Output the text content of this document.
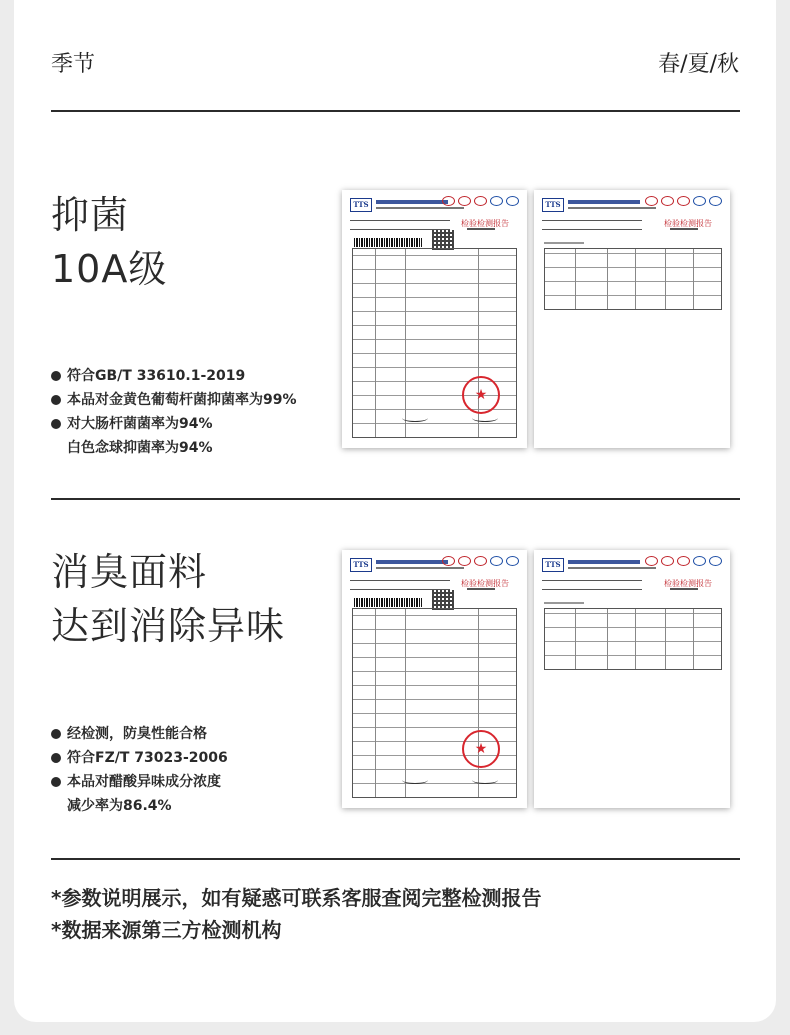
季节	春/夏/秋
抑菌
10A级
符合GB/T 33610.1-2019
本品对金黄色葡萄杆菌抑菌率为99%
对大肠杆菌菌率为94%
白色念球抑菌率为94%
TTS
检验检测报告
★
TTS
检验检测报告
消臭面料
达到消除异味
经检测，防臭性能合格
符合FZ/T 73023-2006
本品对醋酸异味成分浓度
减少率为86.4%
TTS
检验检测报告
★
TTS
检验检测报告
*参数说明展示，如有疑惑可联系客服查阅完整检测报告
*数据来源第三方检测机构
